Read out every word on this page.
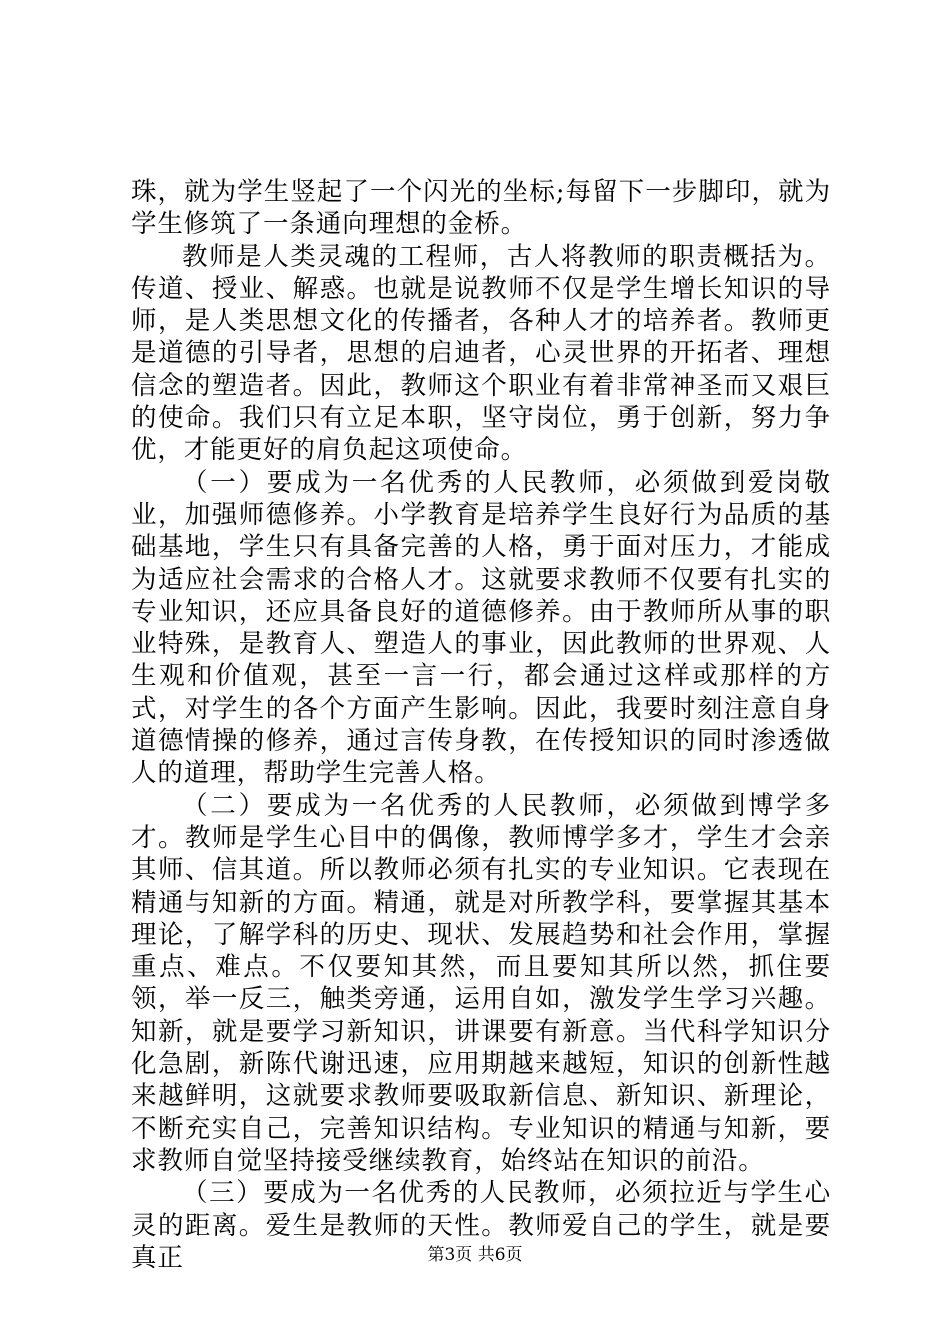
珠，就为学生竖起了一个闪光的坐标;每留下一步脚印，就为学生修筑了一条通向理想的金桥。

教师是人类灵魂的工程师，古人将教师的职责概括为。传道、授业、解惑。也就是说教师不仅是学生增长知识的导师，是人类思想文化的传播者，各种人才的培养者。教师更是道德的引导者，思想的启迪者，心灵世界的开拓者、理想信念的塑造者。因此，教师这个职业有着非常神圣而又艰巨的使命。我们只有立足本职，坚守岗位，勇于创新，努力争优，才能更好的肩负起这项使命。

（一）要成为一名优秀的人民教师，必须做到爱岗敬业，加强师德修养。小学教育是培养学生良好行为品质的基础基地，学生只有具备完善的人格，勇于面对压力，才能成为适应社会需求的合格人才。这就要求教师不仅要有扎实的专业知识，还应具备良好的道德修养。由于教师所从事的职业特殊，是教育人、塑造人的事业，因此教师的世界观、人生观和价值观，甚至一言一行，都会通过这样或那样的方式，对学生的各个方面产生影响。因此，我要时刻注意自身道德情操的修养，通过言传身教，在传授知识的同时渗透做人的道理，帮助学生完善人格。

（二）要成为一名优秀的人民教师，必须做到博学多才。教师是学生心目中的偶像，教师博学多才，学生才会亲其师、信其道。所以教师必须有扎实的专业知识。它表现在精通与知新的方面。精通，就是对所教学科，要掌握其基本理论，了解学科的历史、现状、发展趋势和社会作用，掌握重点、难点。不仅要知其然，而且要知其所以然，抓住要领，举一反三，触类旁通，运用自如，激发学生学习兴趣。知新，就是要学习新知识，讲课要有新意。当代科学知识分化急剧，新陈代谢迅速，应用期越来越短，知识的创新性越来越鲜明，这就要求教师要吸取新信息、新知识、新理论，不断充实自己，完善知识结构。专业知识的精通与知新，要求教师自觉坚持接受继续教育，始终站在知识的前沿。

（三）要成为一名优秀的人民教师，必须拉近与学生心灵的距离。爱生是教师的天性。教师爱自己的学生，就是要真正	第3页 共6页
